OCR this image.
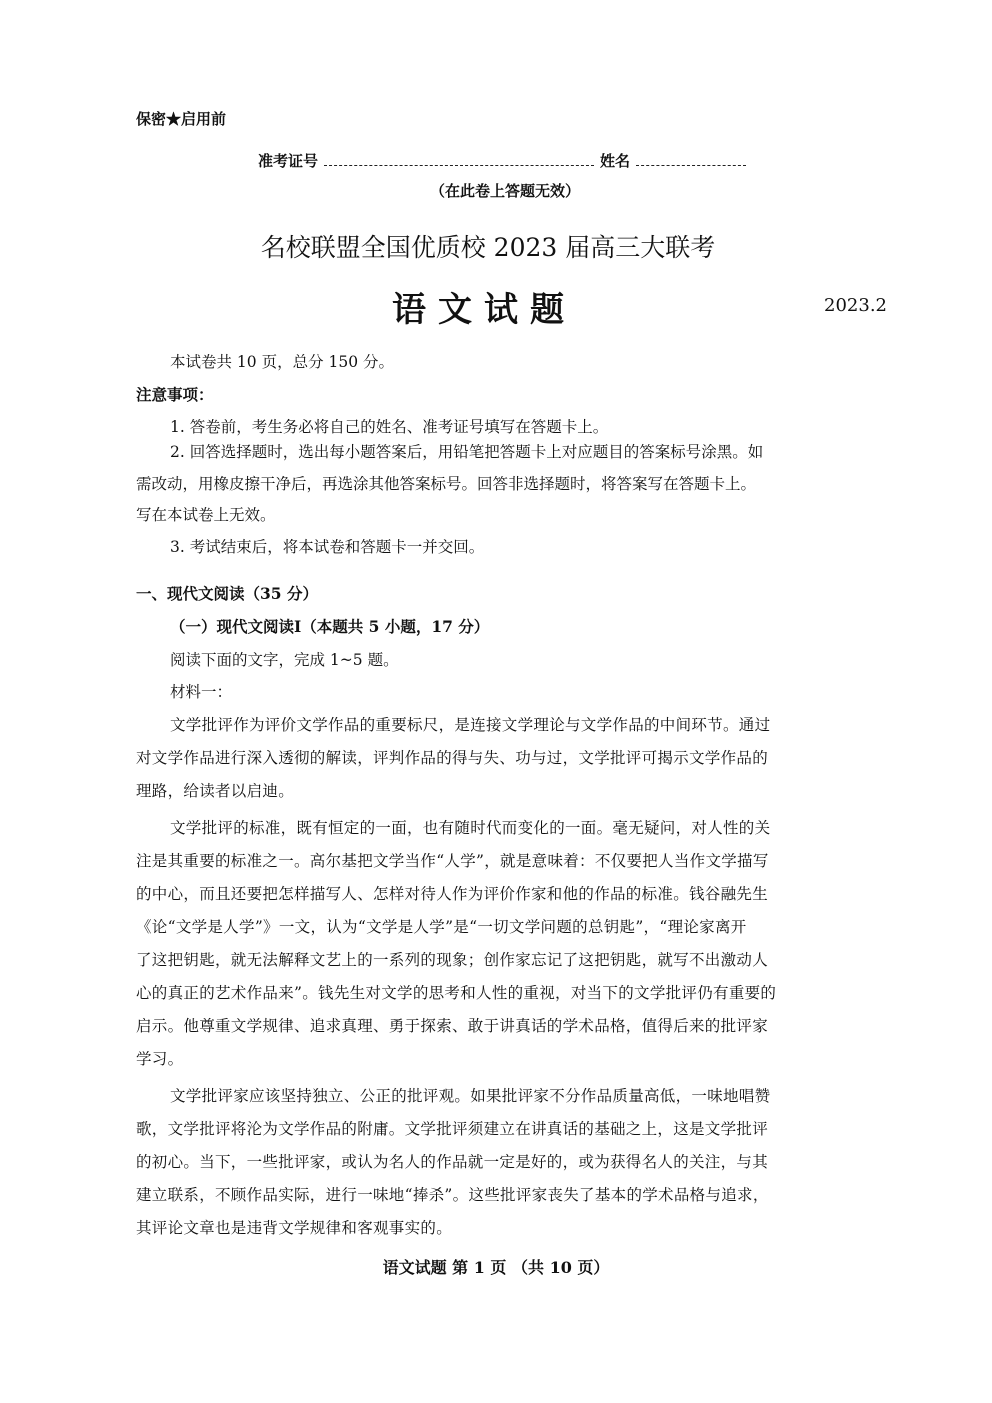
保密★启用前
准考证号	姓名
（在此卷上答题无效）
名校联盟全国优质校 2023 届高三大联考
语文试题	2023.2
本试卷共 10 页，总分 150 分。
注意事项：
1. 答卷前，考生务必将自己的姓名、准考证号填写在答题卡上。
2. 回答选择题时，选出每小题答案后，用铅笔把答题卡上对应题目的答案标号涂黑。如
需改动，用橡皮擦干净后，再选涂其他答案标号。回答非选择题时，将答案写在答题卡上。
写在本试卷上无效。
3. 考试结束后，将本试卷和答题卡一并交回。
一、现代文阅读（35 分）
（一）现代文阅读Ⅰ（本题共 5 小题，17 分）
阅读下面的文字，完成 1~5 题。
材料一：
文学批评作为评价文学作品的重要标尺，是连接文学理论与文学作品的中间环节。通过
对文学作品进行深入透彻的解读，评判作品的得与失、功与过，文学批评可揭示文学作品的
理路，给读者以启迪。
文学批评的标准，既有恒定的一面，也有随时代而变化的一面。毫无疑问，对人性的关
注是其重要的标准之一。高尔基把文学当作“人学”，就是意味着：不仅要把人当作文学描写
的中心，而且还要把怎样描写人、怎样对待人作为评价作家和他的作品的标准。钱谷融先生
《论“文学是人学”》一文，认为“文学是人学”是“一切文学问题的总钥匙”，“理论家离开
了这把钥匙，就无法解释文艺上的一系列的现象；创作家忘记了这把钥匙，就写不出激动人
心的真正的艺术作品来”。钱先生对文学的思考和人性的重视，对当下的文学批评仍有重要的
启示。他尊重文学规律、追求真理、勇于探索、敢于讲真话的学术品格，值得后来的批评家
学习。
文学批评家应该坚持独立、公正的批评观。如果批评家不分作品质量高低，一味地唱赞
歌，文学批评将沦为文学作品的附庸。文学批评须建立在讲真话的基础之上，这是文学批评
的初心。当下，一些批评家，或认为名人的作品就一定是好的，或为获得名人的关注，与其
建立联系，不顾作品实际，进行一味地“捧杀”。这些批评家丧失了基本的学术品格与追求，
其评论文章也是违背文学规律和客观事实的。
语文试题 第 1 页 （共 10 页）
